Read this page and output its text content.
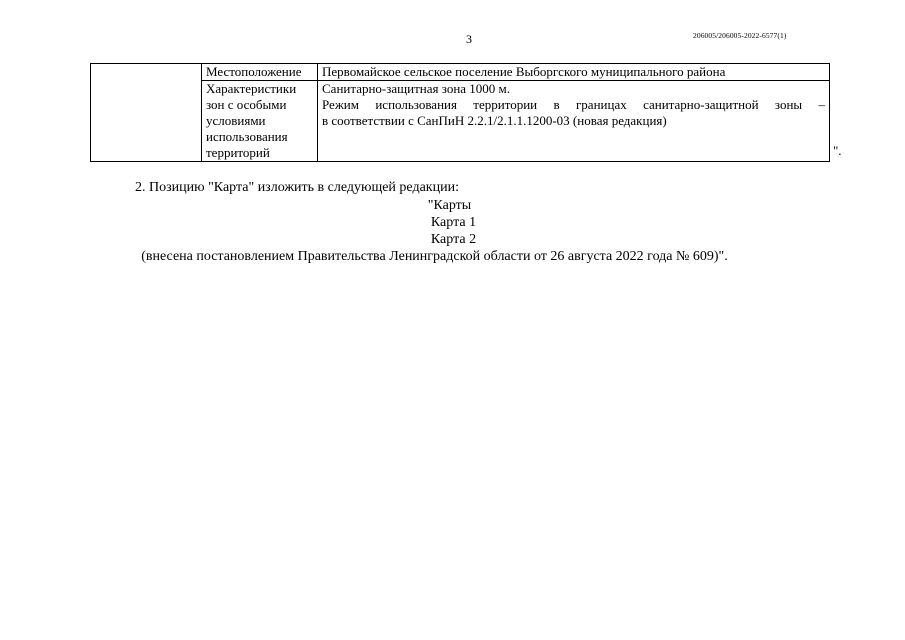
3	206005/206005-2022-6577(1)
	Местоположение	Первомайское сельское поселение Выборгского муниципального района

	Характеристики зон с особыми условиями использования территорий	Санитарно-защитная зона 1000 м.
Режим использования территории в границах санитарно-защитной зоны –
в соответствии с СанПиН 2.2.1/2.1.1.1200-03 (новая редакция)
".
2. Позицию "Карта" изложить в следующей редакции:
"Карты
Карта 1
Карта 2
(внесена постановлением Правительства Ленинградской области от 26 августа 2022 года № 609)".
